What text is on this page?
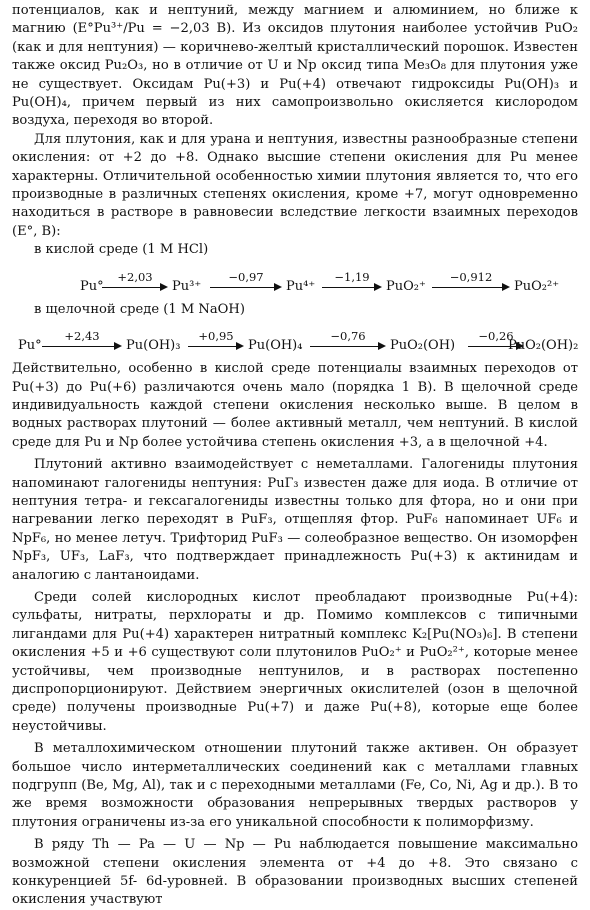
потенциалов, как и нептуний, между магнием и алюминием, но ближе к магнию (E°Pu³⁺/Pu = −2,03 В). Из оксидов плутония наиболее устойчив PuO₂ (как и для нептуния) — коричнево-желтый кристаллический порошок. Известен также оксид Pu₂O₃, но в отличие от U и Np оксид типа Me₃O₈ для плутония уже не существует. Оксидам Pu(+3) и Pu(+4) отвечают гидроксиды Pu(OH)₃ и Pu(OH)₄, причем первый из них самопроизвольно окисляется кислородом воздуха, переходя во второй.

Для плутония, как и для урана и нептуния, известны разнообразные степени окисления: от +2 до +8. Однако высшие степени окисления для Pu менее характерны. Отличительной особенностью химии плутония является то, что его производные в различных степенях окисления, кроме +7, могут одновременно находиться в растворе в равновесии вследствие легкости взаимных переходов (E°, В):

в кислой среде (1 M HCl)

Pu°
+2,03
Pu³⁺
−0,97
Pu⁴⁺
−1,19
PuO₂⁺
−0,912
PuO₂²⁺

в щелочной среде (1 M NaOH)

Pu°
+2,43
Pu(OH)₃
+0,95
Pu(OH)₄
−0,76
PuO₂(OH)
−0,26
PuO₂(OH)₂

Действительно, особенно в кислой среде потенциалы взаимных переходов от Pu(+3) до Pu(+6) различаются очень мало (порядка 1 В). В щелочной среде индивидуальность каждой степени окисления несколько выше. В целом в водных растворах плутоний — более активный металл, чем нептуний. В кислой среде для Pu и Np более устойчива степень окисления +3, а в щелочной +4.

Плутоний активно взаимодействует с неметаллами. Галогениды плутония напоминают галогениды нептуния: PuГ₃ известен даже для иода. В отличие от нептуния тетра- и гексагалогениды известны только для фтора, но и они при нагревании легко переходят в PuF₃, отщепляя фтор. PuF₆ напоминает UF₆ и NpF₆, но менее летуч. Трифторид PuF₃ — солеобразное вещество. Он изоморфен NpF₃, UF₃, LaF₃, что подтверждает принадлежность Pu(+3) к актинидам и аналогию с лантаноидами.

Среди солей кислородных кислот преобладают производные Pu(+4): сульфаты, нитраты, перхлораты и др. Помимо комплексов с типичными лигандами для Pu(+4) характерен нитратный комплекс K₂[Pu(NO₃)₆]. В степени окисления +5 и +6 существуют соли плутонилов PuO₂⁺ и PuO₂²⁺, которые менее устойчивы, чем производные нептунилов, и в растворах постепенно диспропорционируют. Действием энергичных окислителей (озон в щелочной среде) получены производные Pu(+7) и даже Pu(+8), которые еще более неустойчивы.

В металлохимическом отношении плутоний также активен. Он образует большое число интерметаллических соединений как с металлами главных подгрупп (Be, Mg, Al), так и с переходными металлами (Fe, Co, Ni, Ag и др.). В то же время возможности образования непрерывных твердых растворов у плутония ограничены из-за его уникальной способности к полиморфизму.

В ряду Th — Pa — U — Np — Pu наблюдается повышение максимально возможной степени окисления элемента от +4 до +8. Это связано с конкуренцией 5f- 6d-уровней. В образовании производных высших степеней окисления участвуют
